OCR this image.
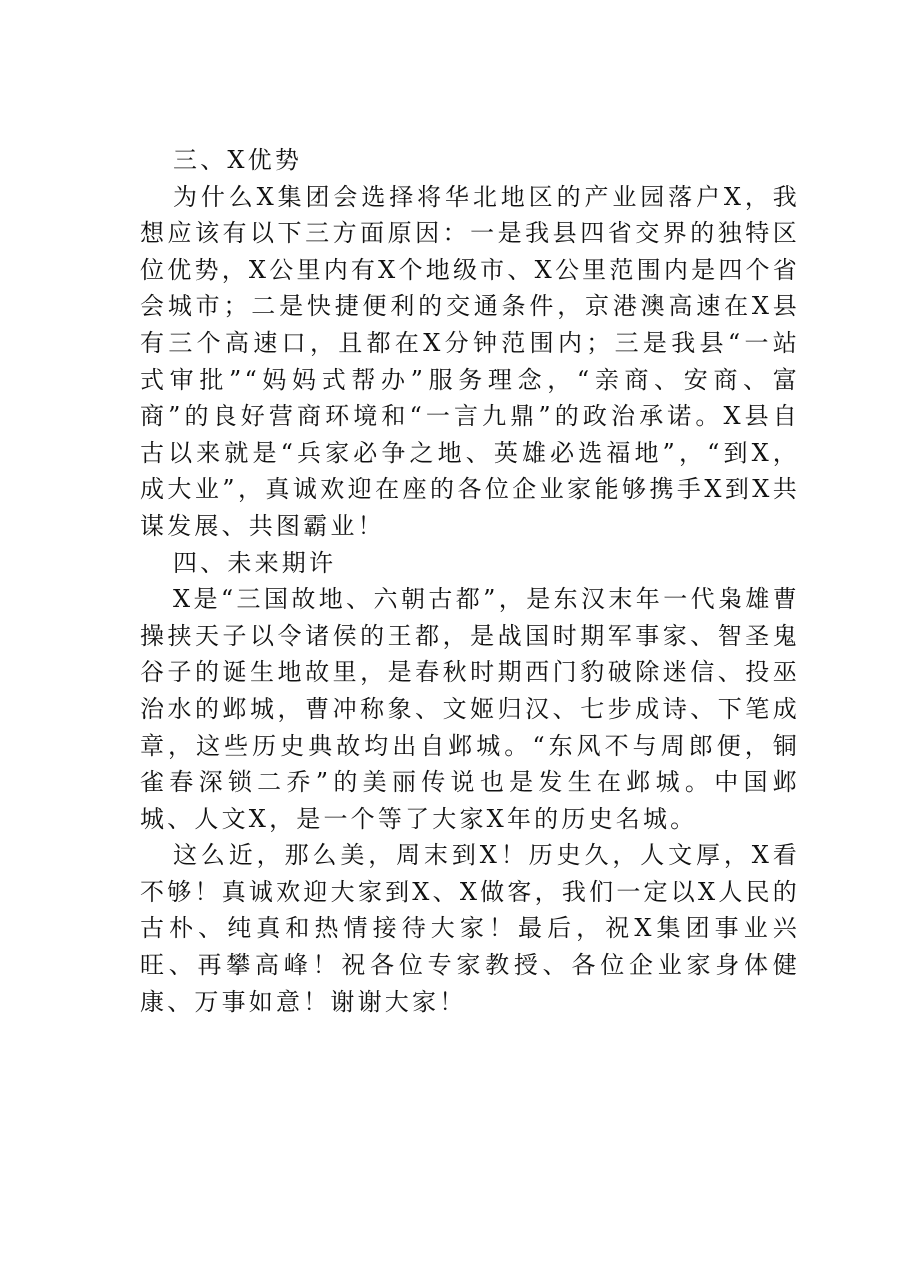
三、X优势

为什么X集团会选择将华北地区的产业园落户X，我想应该有以下三方面原因：一是我县四省交界的独特区位优势，X公里内有X个地级市、X公里范围内是四个省会城市；二是快捷便利的交通条件，京港澳高速在X县有三个高速口，且都在X分钟范围内；三是我县“一站式审批”“妈妈式帮办”服务理念，“亲商、安商、富商”的良好营商环境和“一言九鼎”的政治承诺。X县自古以来就是“兵家必争之地、英雄必选福地”，“到X，成大业”，真诚欢迎在座的各位企业家能够携手X到X共谋发展、共图霸业！

四、未来期许

X是“三国故地、六朝古都”，是东汉末年一代枭雄曹操挟天子以令诸侯的王都，是战国时期军事家、智圣鬼谷子的诞生地故里，是春秋时期西门豹破除迷信、投巫治水的邺城，曹冲称象、文姬归汉、七步成诗、下笔成章，这些历史典故均出自邺城。“东风不与周郎便，铜雀春深锁二乔”的美丽传说也是发生在邺城。中国邺城、人文X，是一个等了大家X年的历史名城。

这么近，那么美，周末到X！历史久，人文厚，X看不够！真诚欢迎大家到X、X做客，我们一定以X人民的古朴、纯真和热情接待大家！最后，祝X集团事业兴旺、再攀高峰！祝各位专家教授、各位企业家身体健康、万事如意！谢谢大家！
